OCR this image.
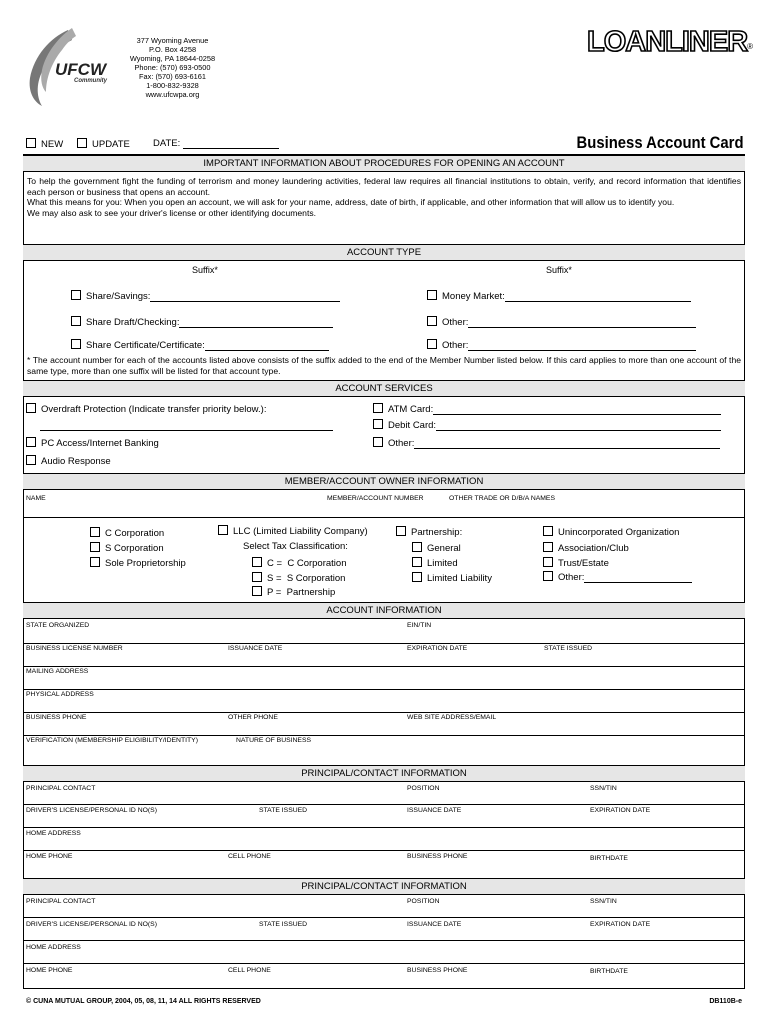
UFCW
Community
377 Wyoming Avenue
P.O. Box 4258
Wyoming, PA 18644-0258
Phone: (570) 693-0500
Fax: (570) 693-6161
1-800-832-9328
www.ufcwpa.org
LOANLINER®
NEW	UPDATE DATE:	Business Account Card
IMPORTANT INFORMATION ABOUT PROCEDURES FOR OPENING AN ACCOUNT
To help the government fight the funding of terrorism and money laundering activities, federal law requires all financial institutions to obtain, verify, and record information that identifies each person or business that opens an account.
What this means for you: When you open an account, we will ask for your name, address, date of birth, if applicable, and other information that will allow us to identify you.
We may also ask to see your driver's license or other identifying documents.
ACCOUNT TYPE
Suffix*	Suffix*
Share/Savings:
Share Draft/Checking:
Share Certificate/Certificate:
Money Market:
Other:
Other:
* The account number for each of the accounts listed above consists of the suffix added to the end of the Member Number listed below. If this card applies to more than one account of the same type, more than one suffix will be listed for that account type.
ACCOUNT SERVICES
Overdraft Protection (Indicate transfer priority below.):
PC Access/Internet Banking
Audio Response
ATM Card:
Debit Card:
Other:
MEMBER/ACCOUNT OWNER INFORMATION
NAME	MEMBER/ACCOUNT NUMBER	OTHER TRADE OR D/B/A NAMES
C Corporation
S Corporation
Sole Proprietorship
LLC (Limited Liability Company)
Select Tax Classification:
C = C Corporation
S = S Corporation
P = Partnership
Partnership:
General
Limited
Limited Liability
Unincorporated Organization
Association/Club
Trust/Estate
Other:
ACCOUNT INFORMATION
STATE ORGANIZED	EIN/TIN
BUSINESS LICENSE NUMBER	ISSUANCE DATE	EXPIRATION DATE	STATE ISSUED
MAILING ADDRESS
PHYSICAL ADDRESS
BUSINESS PHONE	OTHER PHONE	WEB SITE ADDRESS/EMAIL
VERIFICATION (MEMBERSHIP ELIGIBILITY/IDENTITY)	NATURE OF BUSINESS
PRINCIPAL/CONTACT INFORMATION
PRINCIPAL CONTACT	POSITION	SSN/TIN
DRIVER'S LICENSE/PERSONAL ID NO(S)	STATE ISSUED	ISSUANCE DATE	EXPIRATION DATE
HOME ADDRESS
HOME PHONE	CELL PHONE	BUSINESS PHONE	BIRTHDATE
PRINCIPAL/CONTACT INFORMATION
PRINCIPAL CONTACT	POSITION	SSN/TIN
DRIVER'S LICENSE/PERSONAL ID NO(S)	STATE ISSUED	ISSUANCE DATE	EXPIRATION DATE
HOME ADDRESS
HOME PHONE	CELL PHONE	BUSINESS PHONE	BIRTHDATE
© CUNA MUTUAL GROUP, 2004, 05, 08, 11, 14 ALL RIGHTS RESERVED	DB110B-e
